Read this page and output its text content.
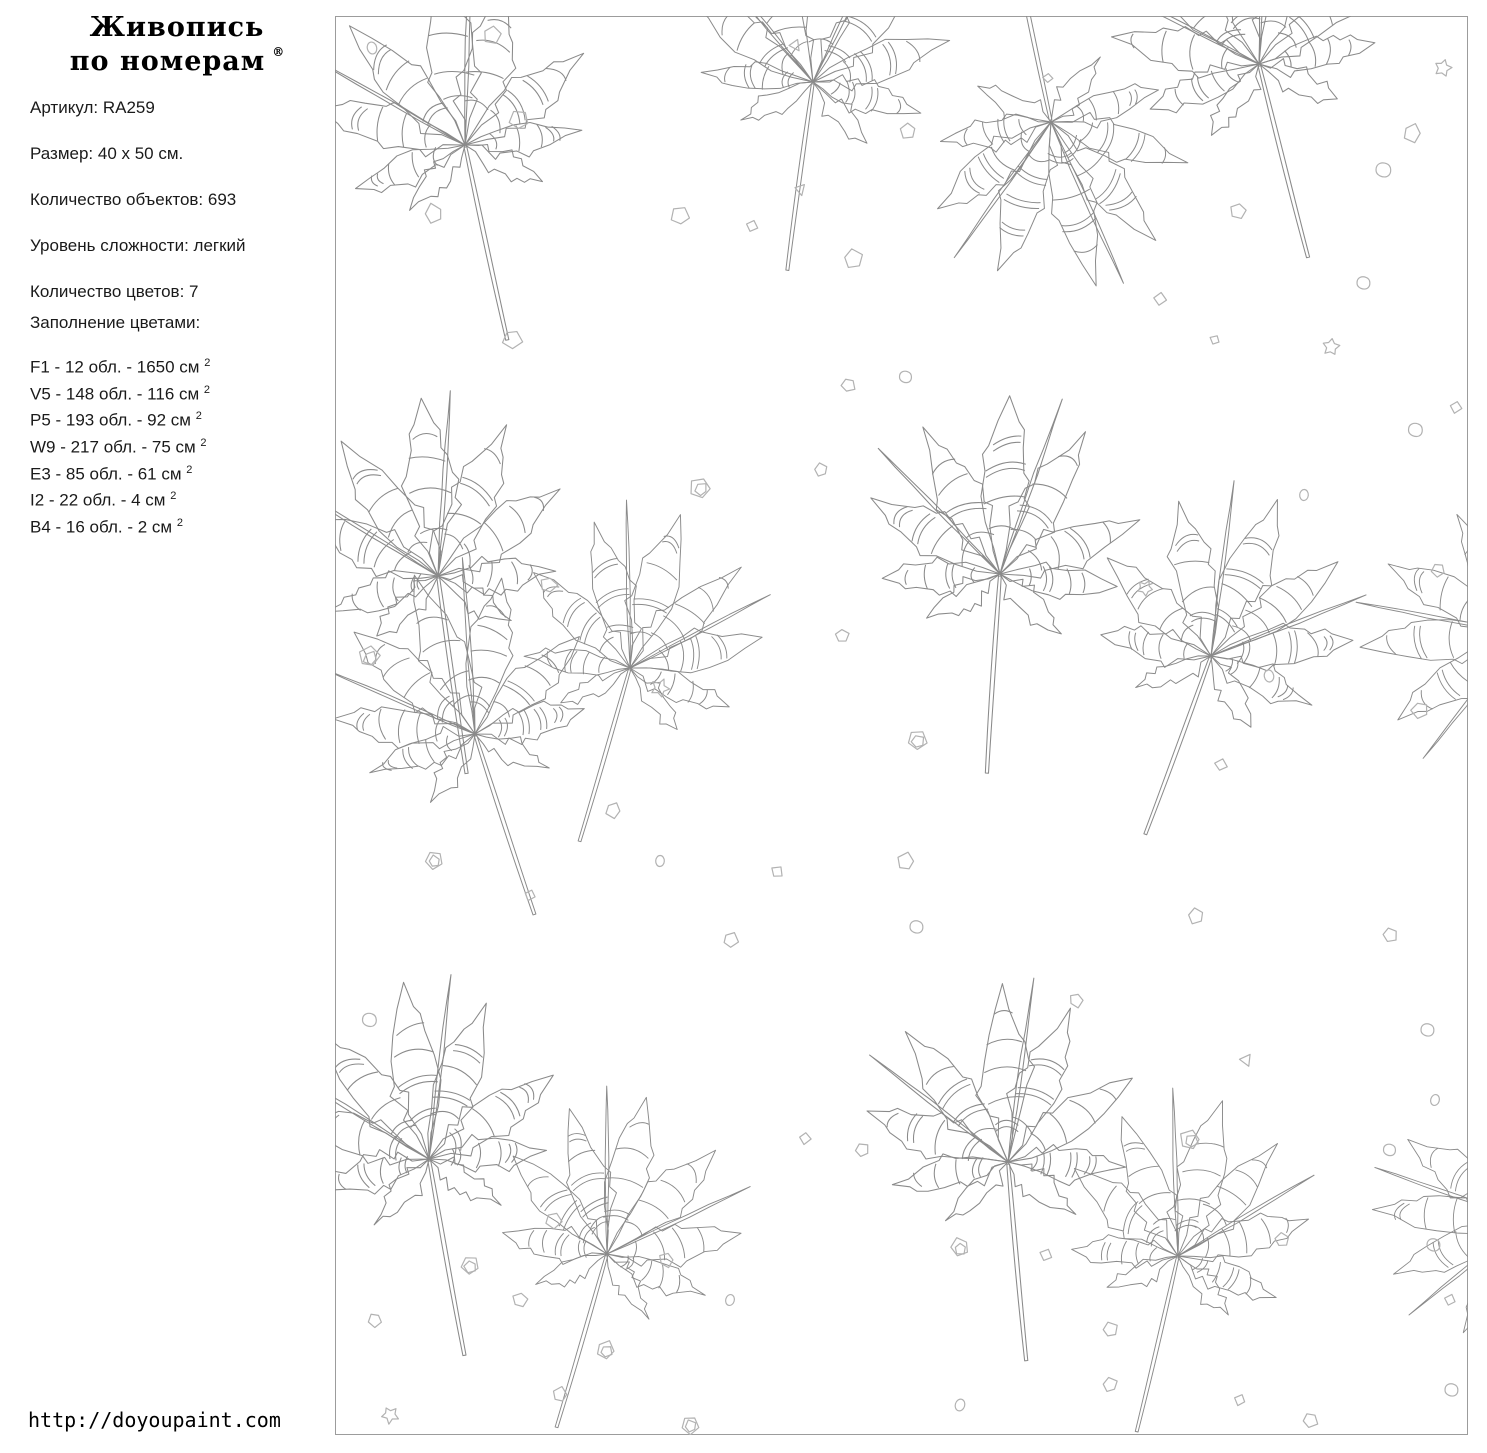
Живопись
по номерам ®
Артикул: RA259
Размер: 40 x 50 см.
Количество объектов: 693
Уровень сложности: легкий
Количество цветов: 7
Заполнение цветами:
F1 - 12 обл. - 1650 см $^2$
V5 - 148 обл. - 116 см $^2$
P5 - 193 обл. - 92 см $^2$
W9 - 217 обл. - 75 см $^2$
E3 - 85 обл. - 61 см $^2$
I2 - 22 обл. - 4 см $^2$
B4 - 16 обл. - 2 см $^2$
http://doyoupaint.com
